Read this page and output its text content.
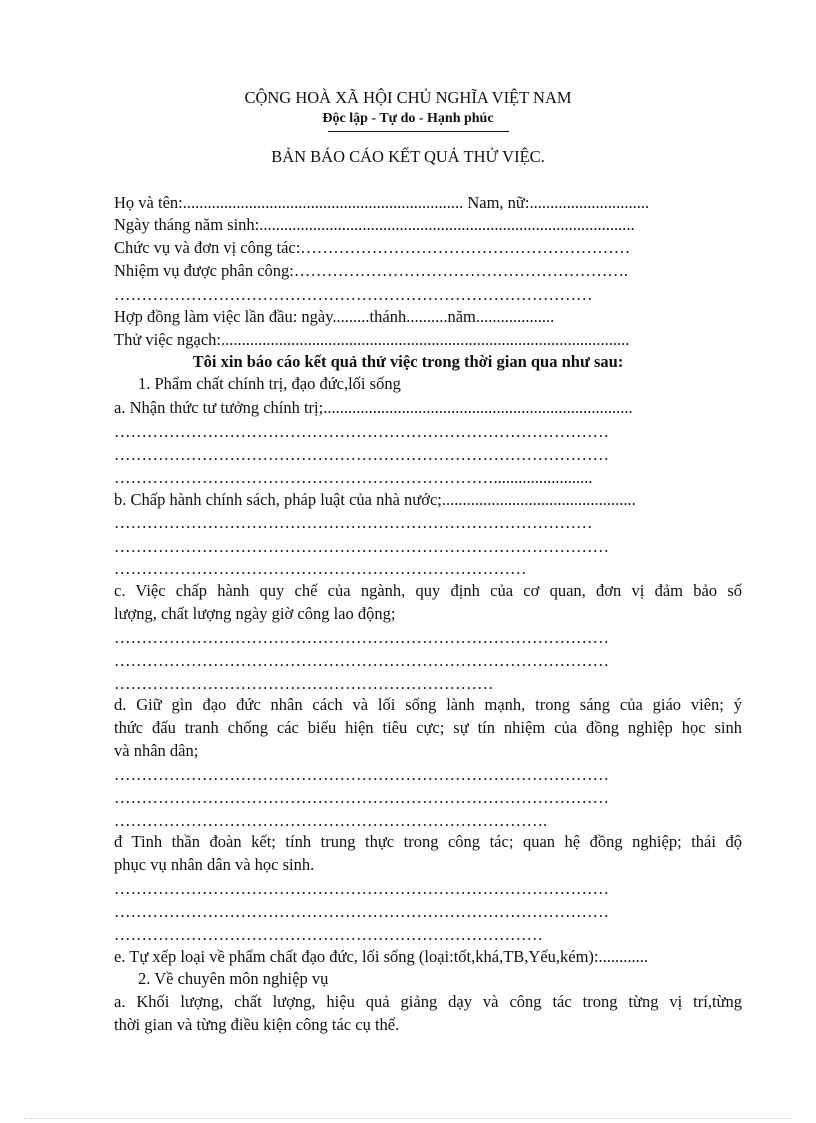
CỘNG HOÀ XÃ HỘI CHỦ NGHĨA VIỆT NAM

Độc lập - Tự do - Hạnh phúc

BẢN BÁO CÁO KẾT QUẢ THỬ VIỆC.

Họ và tên:.................................................................... Nam, nữ:.............................

Ngày tháng năm sinh:...........................................................................................

Chức vụ và đơn vị công tác:……………………………………………………

Nhiệm vụ được phân công:…………………………………………………….

……………………………………………………………………………

Hợp đồng làm việc lần đầu: ngày.........thánh..........năm...................

Thử việc ngạch:...................................................................................................

Tôi xin báo cáo kết quả thử việc trong thời gian qua như sau:

1. Phẩm chất chính trị, đạo đức,lối sống

a. Nhận thức tư tưởng chính trị;...........................................................................

………………………………………………………………………………

………………………………………………………………………………

……………………………………………………………........................

b. Chấp hành chính sách, pháp luật của nhà nước;...............................................

……………………………………………………………………………

………………………………………………………………………………

…………………………………………………………………

c. Việc chấp hành quy chế của ngành, quy định của cơ quan, đơn vị đảm bảo số

lượng, chất lượng ngày giờ công lao động;

………………………………………………………………………………

………………………………………………………………………………

……………………………………………………………

d. Giữ gìn đạo đức nhân cách và lối sống lành mạnh, trong sáng của giáo viên; ý

thức đấu tranh chống các biểu hiện tiêu cực; sự tín nhiệm của đồng nghiệp học sinh

và nhân dân;

………………………………………………………………………………

………………………………………………………………………………

…………………………………………………………………….

đ Tinh thần đoàn kết; tính trung thực trong công tác; quan hệ đồng nghiệp; thái độ

phục vụ nhân dân và học sinh.

………………………………………………………………………………

………………………………………………………………………………

……………………………………………………………………

e. Tự xếp loại về phẩm chất đạo đức, lối sống (loại:tốt,khá,TB,Yếu,kém):............

2. Về chuyên môn nghiệp vụ

a. Khối lượng, chất lượng, hiệu quả giảng dạy và công tác trong từng vị trí,từng

thời gian và từng điều kiện công tác cụ thể.
